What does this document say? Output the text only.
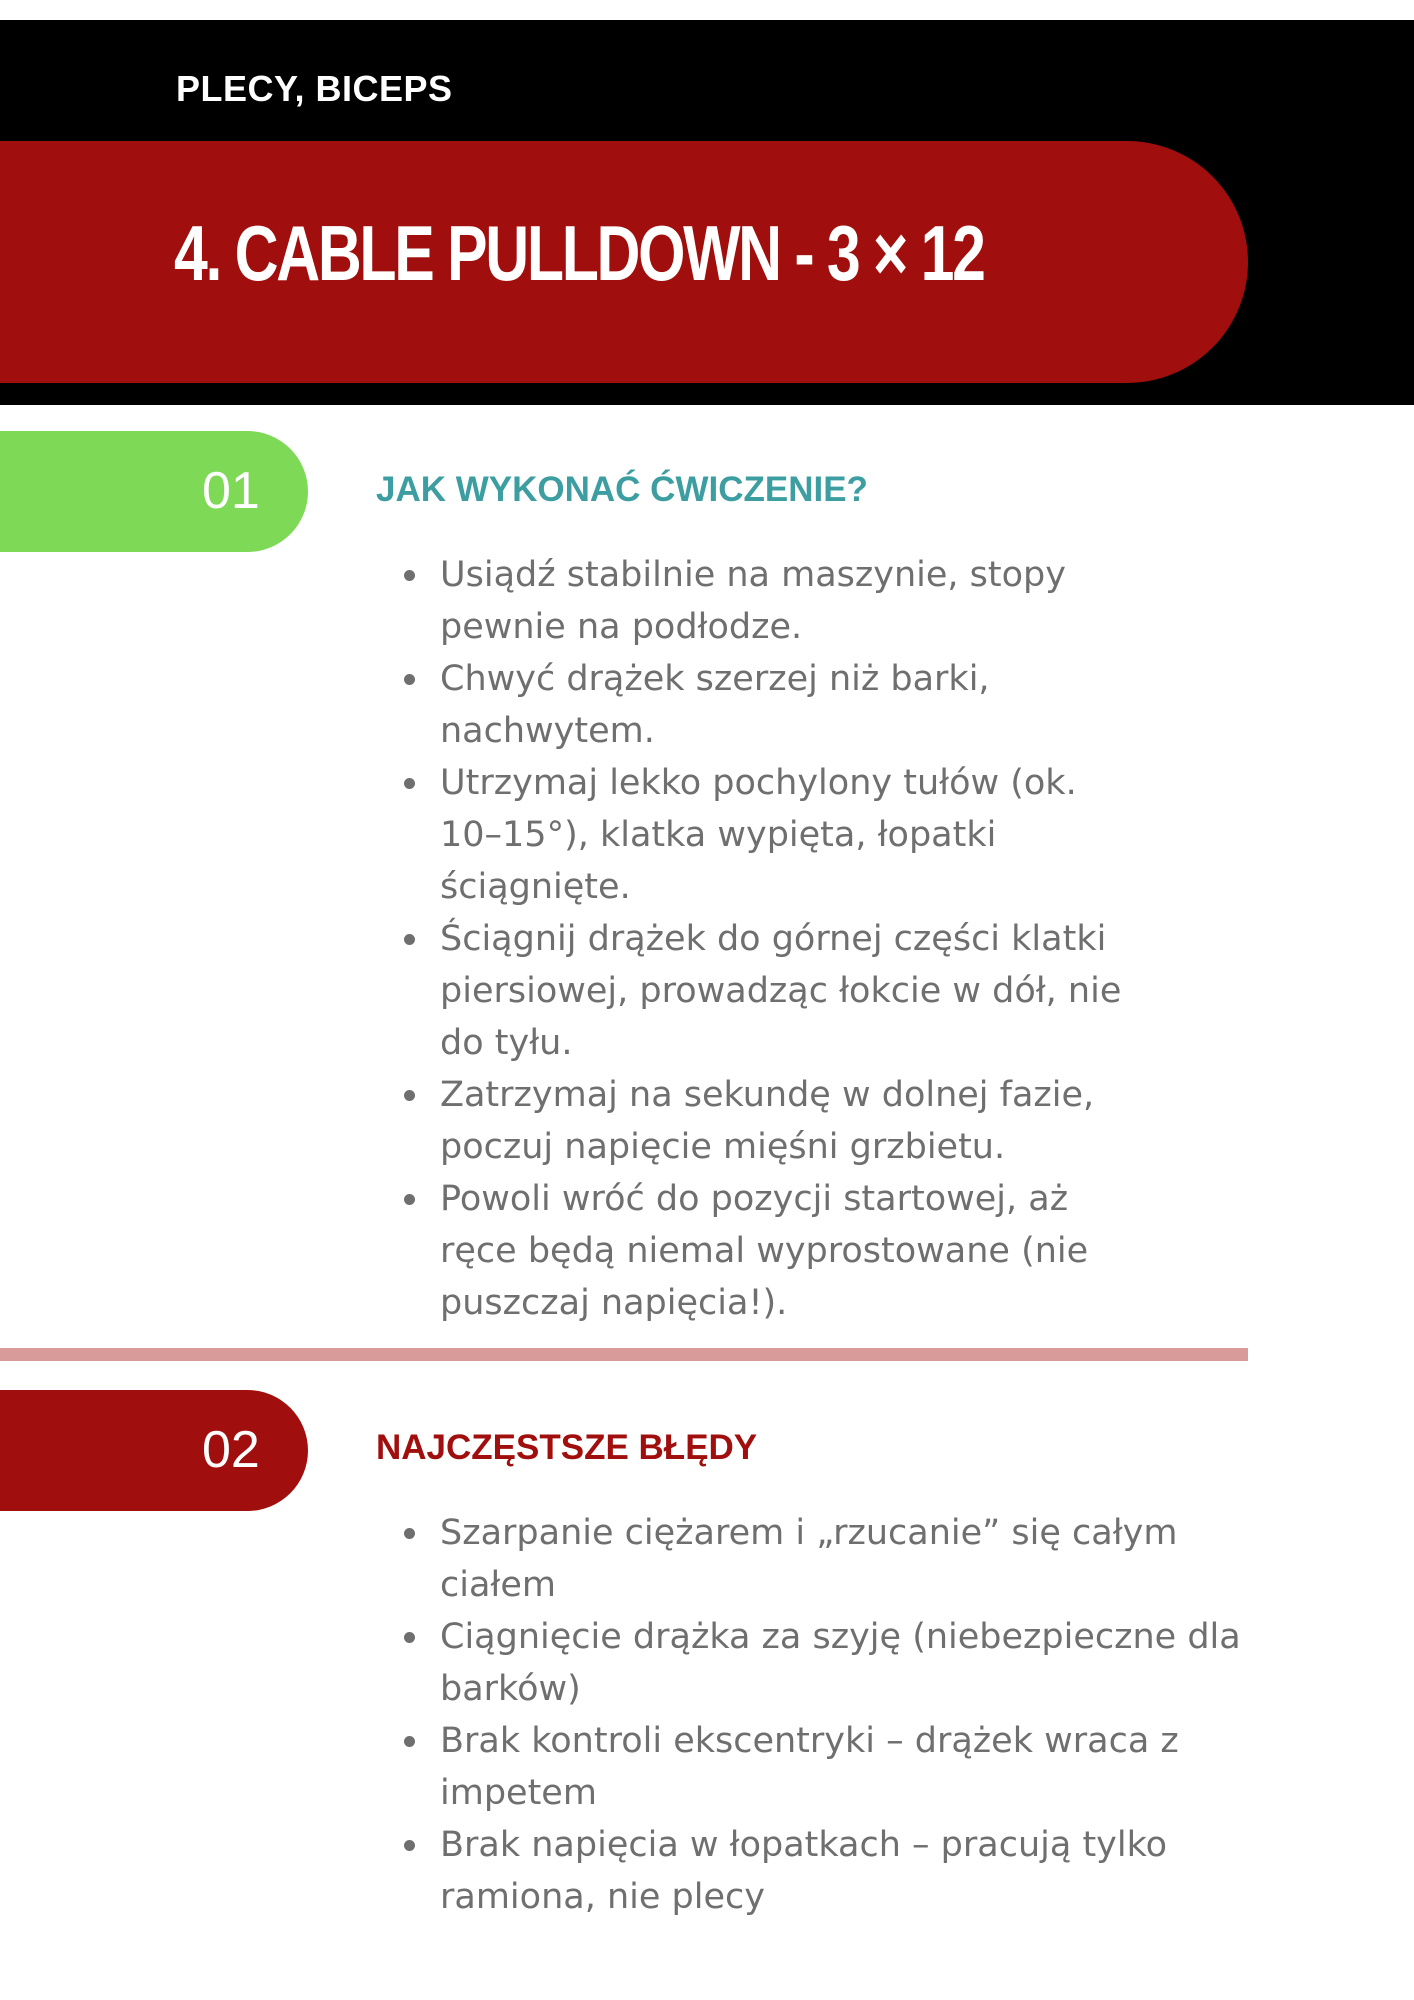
PLECY, BICEPS
4. CABLE PULLDOWN - 3 × 12
01	JAK WYKONAĆ ĆWICZENIE?
Usiądź stabilnie na maszynie, stopy
pewnie na podłodze.
Chwyć drążek szerzej niż barki,
nachwytem.
Utrzymaj lekko pochylony tułów (ok.
10–15°), klatka wypięta, łopatki
ściągnięte.
Ściągnij drążek do górnej części klatki
piersiowej, prowadząc łokcie w dół, nie
do tyłu.
Zatrzymaj na sekundę w dolnej fazie,
poczuj napięcie mięśni grzbietu.
Powoli wróć do pozycji startowej, aż
ręce będą niemal wyprostowane (nie
puszczaj napięcia!).
02	NAJCZĘSTSZE BŁĘDY
Szarpanie ciężarem i „rzucanie” się całym
ciałem
Ciągnięcie drążka za szyję (niebezpieczne dla
barków)
Brak kontroli ekscentryki – drążek wraca z
impetem
Brak napięcia w łopatkach – pracują tylko
ramiona, nie plecy
